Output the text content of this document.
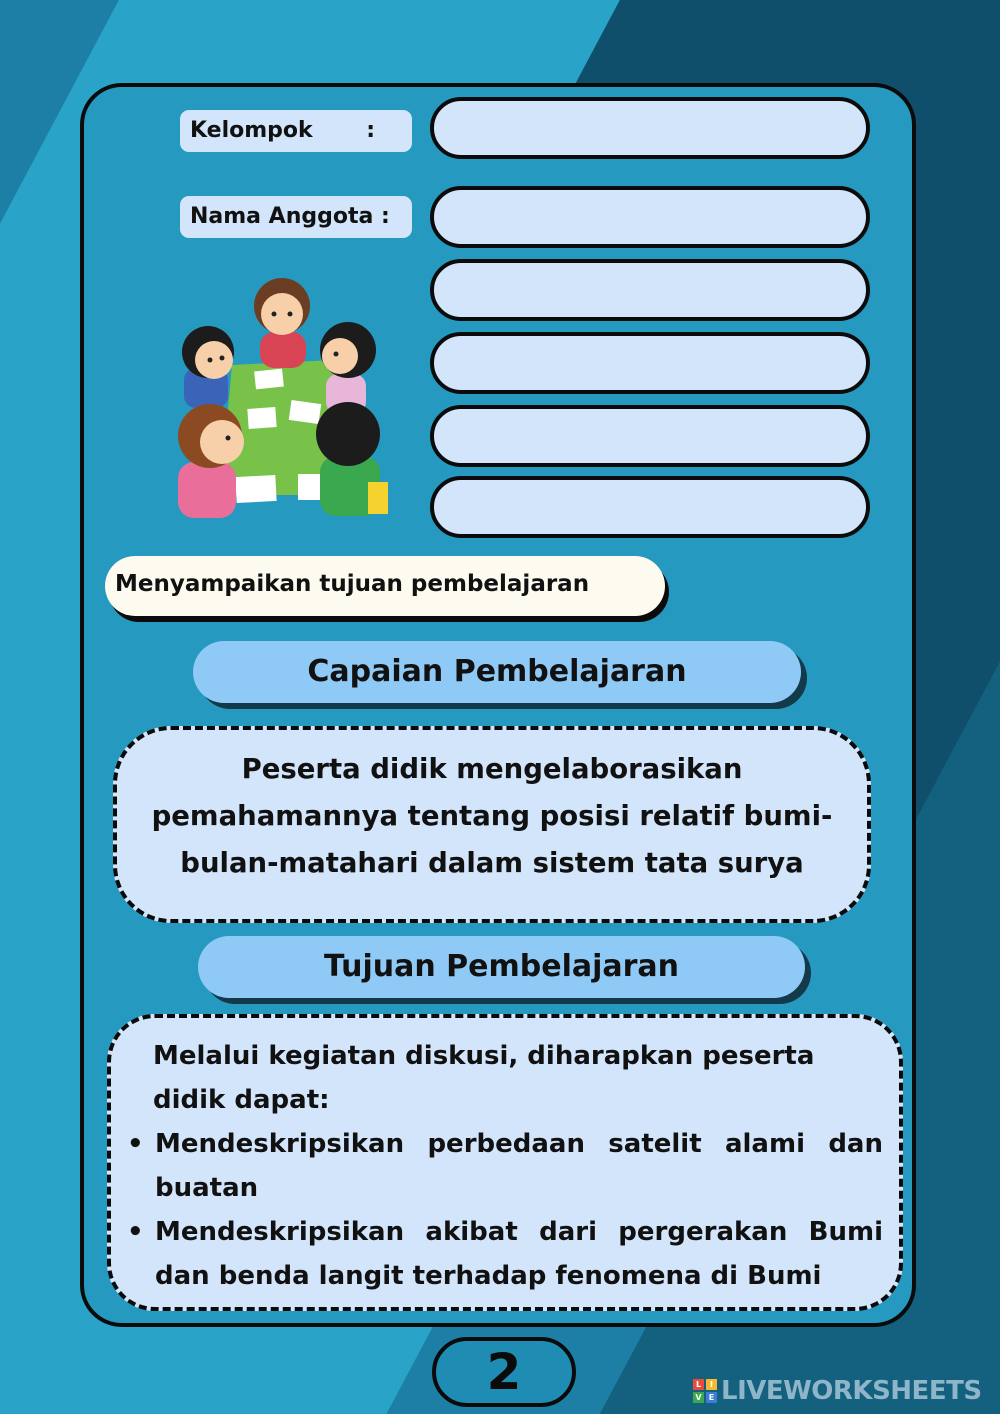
Kelompok       :
Nama Anggota :
Menyampaikan tujuan pembelajaran
Capaian Pembelajaran
Peserta didik mengelaborasikan
pemahamannya tentang posisi relatif bumi-
bulan-matahari dalam sistem tata surya
Tujuan Pembelajaran
Melalui kegiatan diskusi, diharapkan peserta didik dapat:
• Mendeskripsikan perbedaan satelit alami dan buatan
• Mendeskripsikan akibat dari pergerakan Bumi dan benda langit terhadap fenomena di Bumi
2	L	I
V E LIVEWORKSHEETS
